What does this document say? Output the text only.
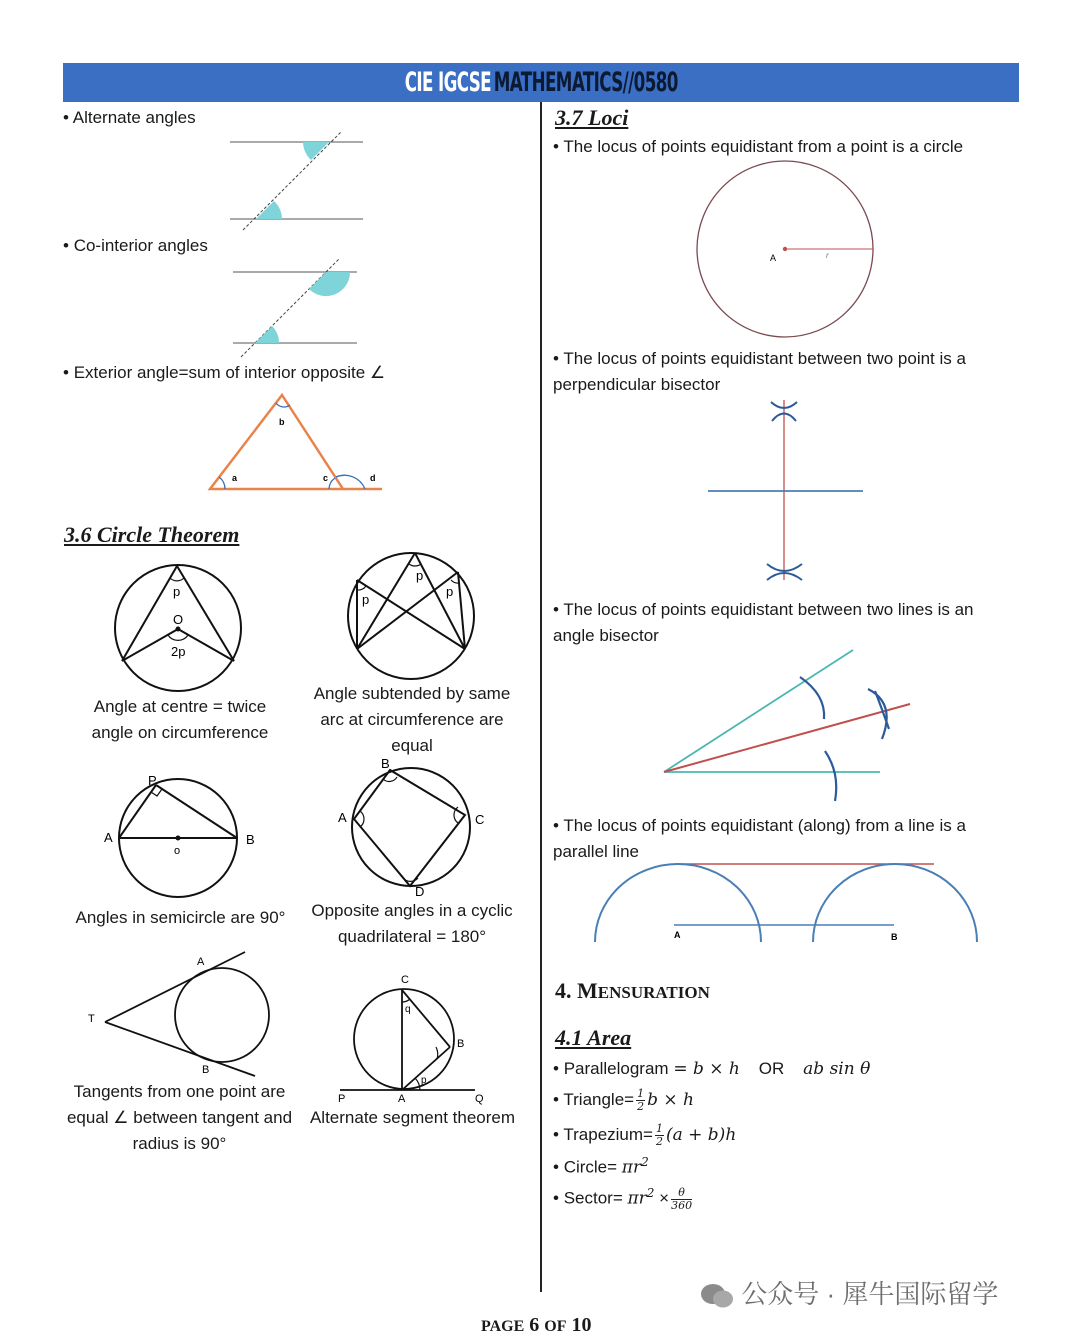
CIE IGCSE MATHEMATICS//0580
• Alternate angles
• Co-interior angles
• Exterior angle=sum of interior opposite ∠
a
b
c	d
3.6 Circle Theorem
p
O
2p
Angle at centre = twice angle on circumference
p
p
p
Angle subtended by same arc at circumference are equal
P
A	B
o
Angles in semicircle are 90°
B
A	C
D
Opposite angles in a cyclic quadrilateral = 180°
T
A
B
Tangents from one point are equal ∠ between tangent and radius is 90°
C
q
B
p
P	A	Q
Alternate segment theorem
3.7 Loci
• The locus of points equidistant from a point is a circle
A	r
• The locus of points equidistant between two point is a perpendicular bisector
• The locus of points equidistant between two lines is an angle bisector
• The locus of points equidistant (along) from a line is a parallel line
A	B
4. MENSURATION
4.1 Area
• Parallelogram = b × h OR ab sin θ
• Triangle= $\frac{1}{2}$ b × h
• Trapezium= $\frac{1}{2} (a + b)h$
• Circle= $\pi r^2$
• Sector= $\pi r^2 \times \frac{\theta}{360}$
PAGE 6 OF 10
公众号 · 犀牛国际留学
